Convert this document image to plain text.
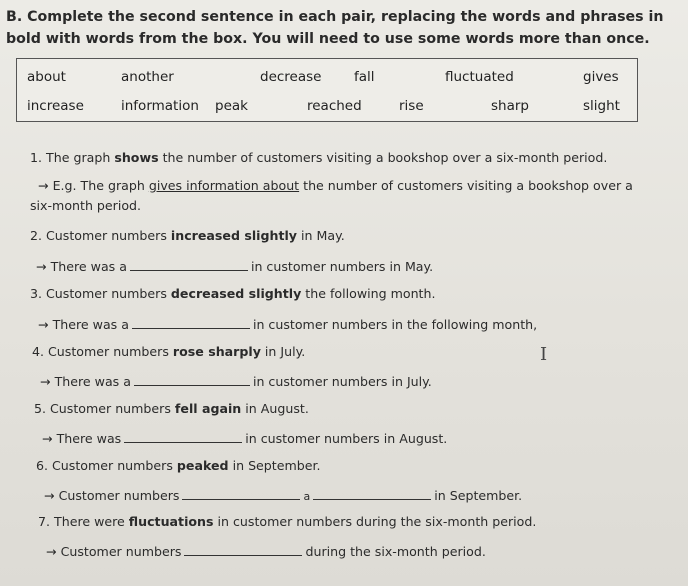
B. Complete the second sentence in each pair, replacing the words and phrases in bold with words from the box. You will need to use some words more than once.
about	another	decrease fall	fluctuated	gives
increase	information peak	reached	rise	sharp	slight
1. The graph shows the number of customers visiting a bookshop over a six-month period.
→ E.g. The graph gives information about the number of customers visiting a bookshop over a
six-month period.
2. Customer numbers increased slightly in May.
→ There was a	in customer numbers in May.
3. Customer numbers decreased slightly the following month.
→ There was a	in customer numbers in the following month,
4. Customer numbers rose sharply in July.
→ There was a	in customer numbers in July.
5. Customer numbers fell again in August.
→ There was	in customer numbers in August.
6. Customer numbers peaked in September.
→ Customer numbers	a	in September.
7. There were fluctuations in customer numbers during the six-month period.
→ Customer numbers	during the six-month period.
I
